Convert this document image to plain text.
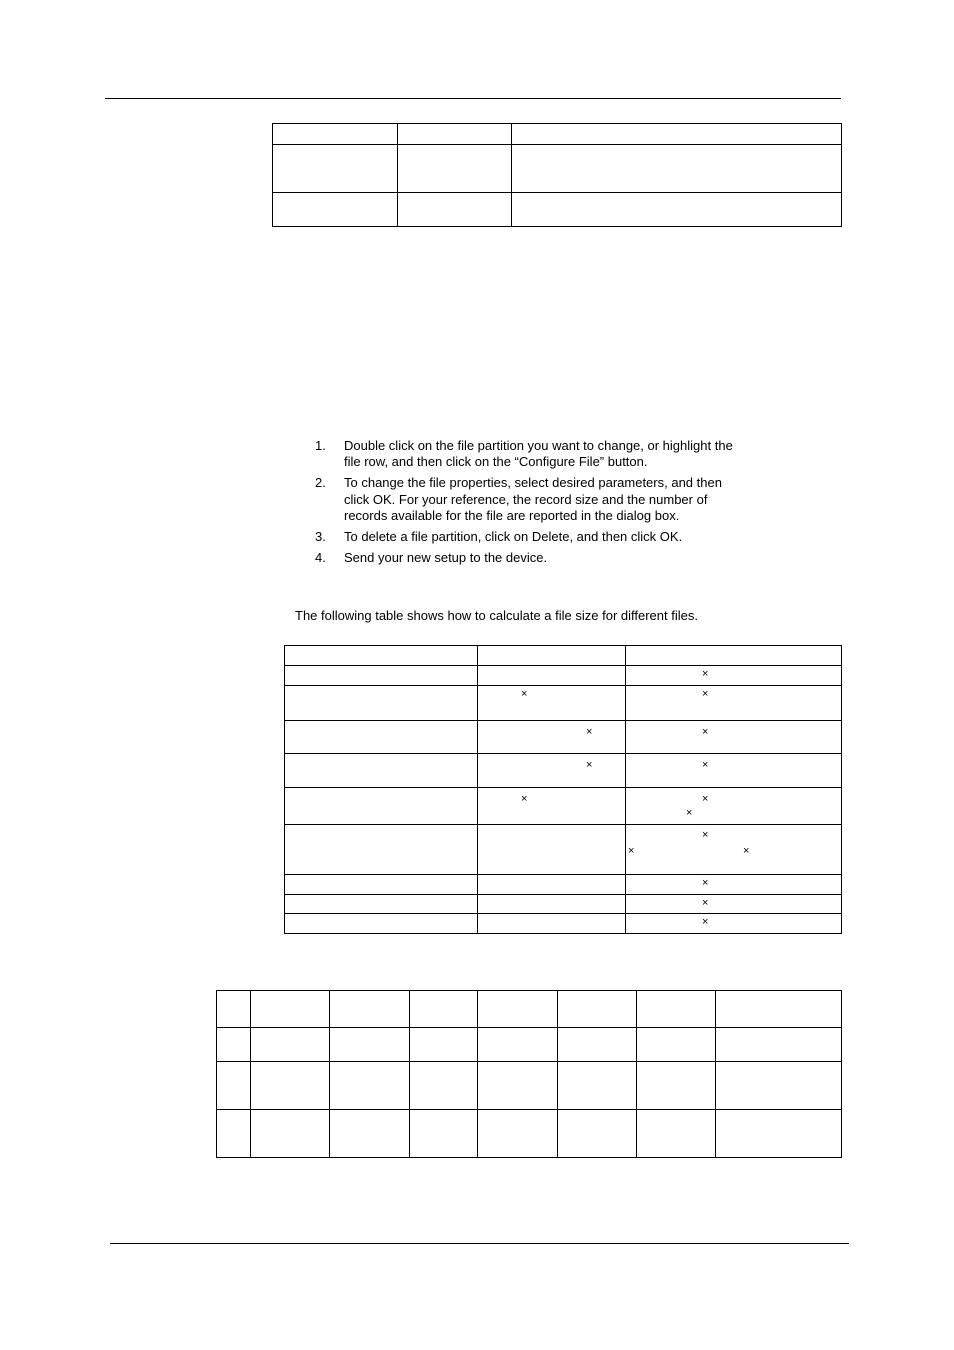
1. Double click on the file partition you want to change, or highlight the file row, and then click on the “Configure File” button.
2. To change the file properties, select desired parameters, and then click OK. For your reference, the record size and the number of records available for the file are reported in the dialog box.
3. To delete a file partition, click on Delete, and then click OK.
4. Send your new setup to the device.
The following table shows how to calculate a file size for different files.

		×

	×	×

	×	×

	×	×

	×	×
×

		×
× ×

		×

		×

		×
